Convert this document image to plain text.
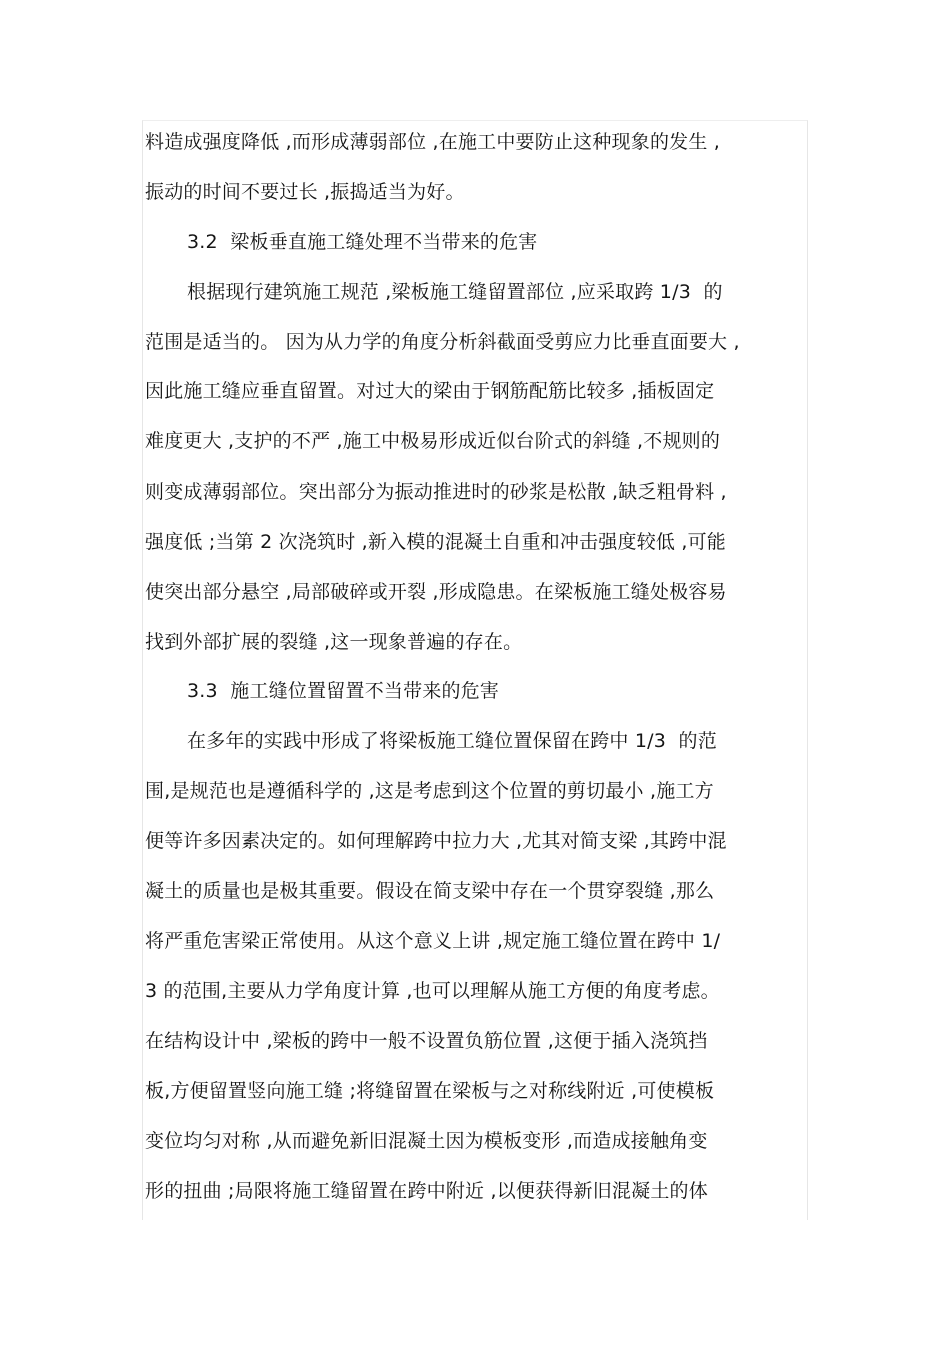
料造成强度降低 ,而形成薄弱部位 ,在施工中要防止这种现象的发生 ,
振动的时间不要过长 ,振捣适当为好。
3.2  梁板垂直施工缝处理不当带来的危害
根据现行建筑施工规范 ,梁板施工缝留置部位 ,应采取跨 1/3  的
范围是适当的。 因为从力学的角度分析斜截面受剪应力比垂直面要大 ,
因此施工缝应垂直留置。对过大的梁由于钢筋配筋比较多 ,插板固定
难度更大 ,支护的不严 ,施工中极易形成近似台阶式的斜缝 ,不规则的
则变成薄弱部位。突出部分为振动推进时的砂浆是松散 ,缺乏粗骨料 ,
强度低 ;当第 2 次浇筑时 ,新入模的混凝土自重和冲击强度较低 ,可能
使突出部分悬空 ,局部破碎或开裂 ,形成隐患。在梁板施工缝处极容易
找到外部扩展的裂缝 ,这一现象普遍的存在。
3.3  施工缝位置留置不当带来的危害
在多年的实践中形成了将梁板施工缝位置保留在跨中 1/3  的范
围,是规范也是遵循科学的 ,这是考虑到这个位置的剪切最小 ,施工方
便等许多因素决定的。如何理解跨中拉力大 ,尤其对简支梁 ,其跨中混
凝土的质量也是极其重要。假设在简支梁中存在一个贯穿裂缝 ,那么
将严重危害梁正常使用。从这个意义上讲 ,规定施工缝位置在跨中 1/
3 的范围,主要从力学角度计算 ,也可以理解从施工方便的角度考虑。
在结构设计中 ,梁板的跨中一般不设置负筋位置 ,这便于插入浇筑挡
板,方便留置竖向施工缝 ;将缝留置在梁板与之对称线附近 ,可使模板
变位均匀对称 ,从而避免新旧混凝土因为模板变形 ,而造成接触角变
形的扭曲 ;局限将施工缝留置在跨中附近 ,以便获得新旧混凝土的体
